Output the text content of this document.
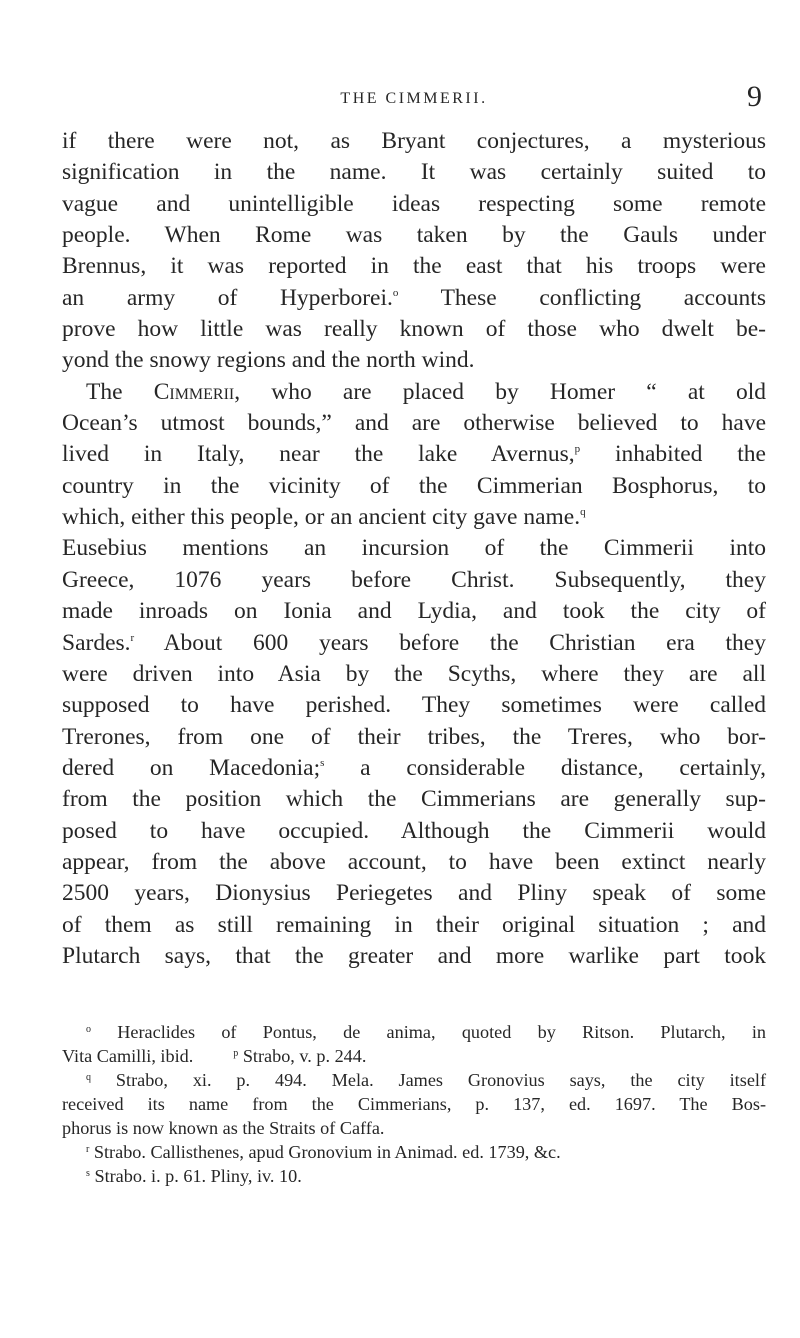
THE CIMMERII.	9
if there were not, as Bryant conjectures, a mysterious
signification in the name. It was certainly suited to
vague and unintelligible ideas respecting some remote
people. When Rome was taken by the Gauls under
Brennus, it was reported in the east that his troops were
an army of Hyperborei.$^o$ These conflicting accounts
prove how little was really known of those who dwelt be-
yond the snowy regions and the north wind.
The Cimmerii, who are placed by Homer “ at old
Ocean’s utmost bounds,” and are otherwise believed to have
lived in Italy, near the lake Avernus,$^p$ inhabited the
country in the vicinity of the Cimmerian Bosphorus, to
which, either this people, or an ancient city gave name.$^q$
Eusebius mentions an incursion of the Cimmerii into
Greece, 1076 years before Christ. Subsequently, they
made inroads on Ionia and Lydia, and took the city of
Sardes.$^r$ About 600 years before the Christian era they
were driven into Asia by the Scyths, where they are all
supposed to have perished. They sometimes were called
Trerones, from one of their tribes, the Treres, who bor-
dered on Macedonia;$^s$ a considerable distance, certainly,
from the position which the Cimmerians are generally sup-
posed to have occupied. Although the Cimmerii would
appear, from the above account, to have been extinct nearly
2500 years, Dionysius Periegetes and Pliny speak of some
of them as still remaining in their original situation ; and
Plutarch says, that the greater and more warlike part took
$^o$ Heraclides of Pontus, de anima, quoted by Ritson. Plutarch, in
Vita Camilli, ibid.	$^p$ Strabo, v. p. 244.
$^q$ Strabo, xi. p. 494. Mela. James Gronovius says, the city itself
received its name from the Cimmerians, p. 137, ed. 1697. The Bos-
phorus is now known as the Straits of Caffa.
$^r$ Strabo. Callisthenes, apud Gronovium in Animad. ed. 1739, &c.
$^s$ Strabo. i. p. 61. Pliny, iv. 10.
